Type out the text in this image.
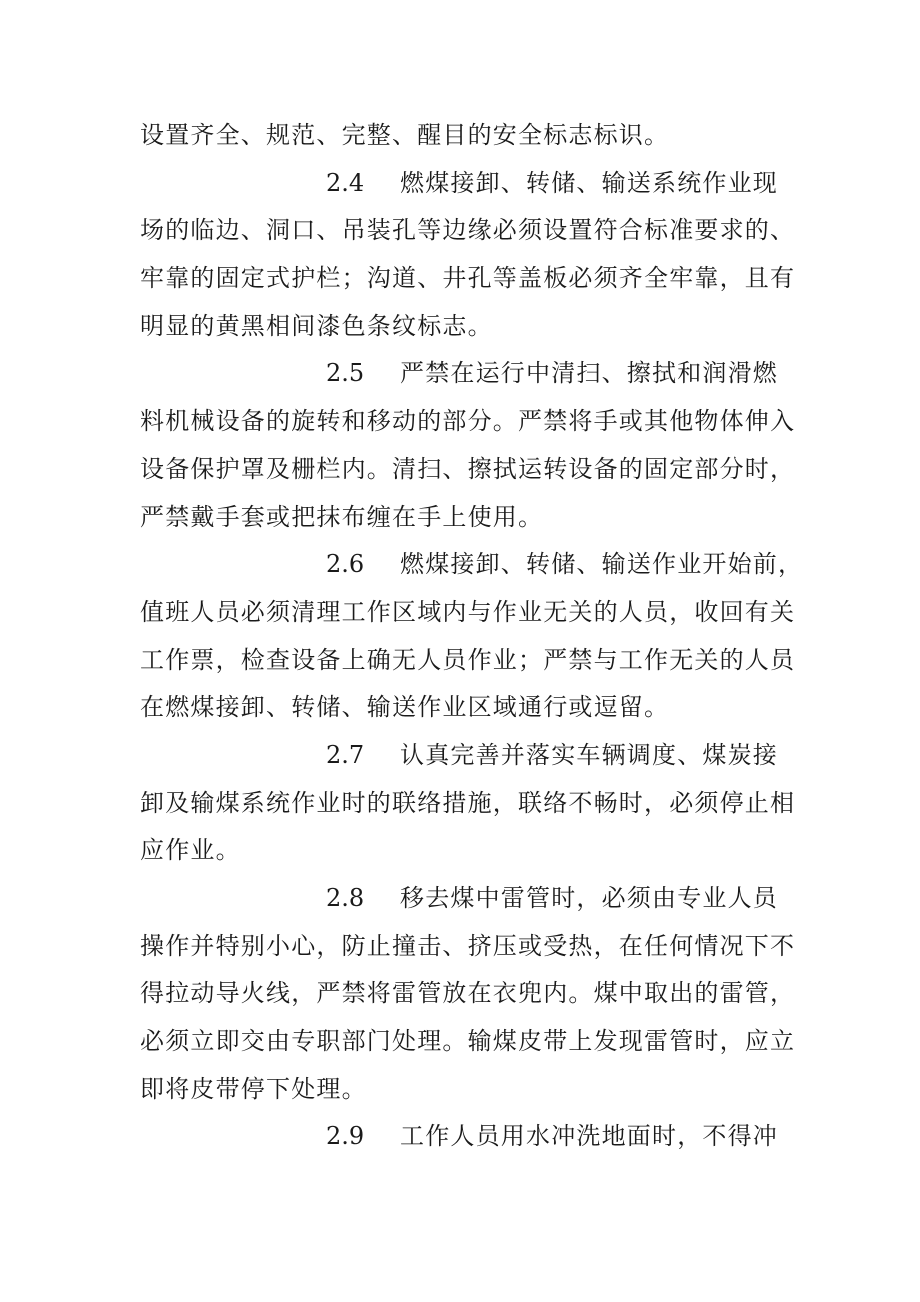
设置齐全、规范、完整、醒目的安全标志标识。
2.4 燃煤接卸、转储、输送系统作业现
场的临边、洞口、吊装孔等边缘必须设置符合标准要求的、
牢靠的固定式护栏；沟道、井孔等盖板必须齐全牢靠，且有
明显的黄黑相间漆色条纹标志。
2.5 严禁在运行中清扫、擦拭和润滑燃
料机械设备的旋转和移动的部分。严禁将手或其他物体伸入
设备保护罩及栅栏内。清扫、擦拭运转设备的固定部分时，
严禁戴手套或把抹布缠在手上使用。
2.6 燃煤接卸、转储、输送作业开始前，
值班人员必须清理工作区域内与作业无关的人员，收回有关
工作票，检查设备上确无人员作业；严禁与工作无关的人员
在燃煤接卸、转储、输送作业区域通行或逗留。
2.7 认真完善并落实车辆调度、煤炭接
卸及输煤系统作业时的联络措施，联络不畅时，必须停止相
应作业。
2.8 移去煤中雷管时，必须由专业人员
操作并特别小心，防止撞击、挤压或受热，在任何情况下不
得拉动导火线，严禁将雷管放在衣兜内。煤中取出的雷管，
必须立即交由专职部门处理。输煤皮带上发现雷管时，应立
即将皮带停下处理。
2.9 工作人员用水冲洗地面时，不得冲
